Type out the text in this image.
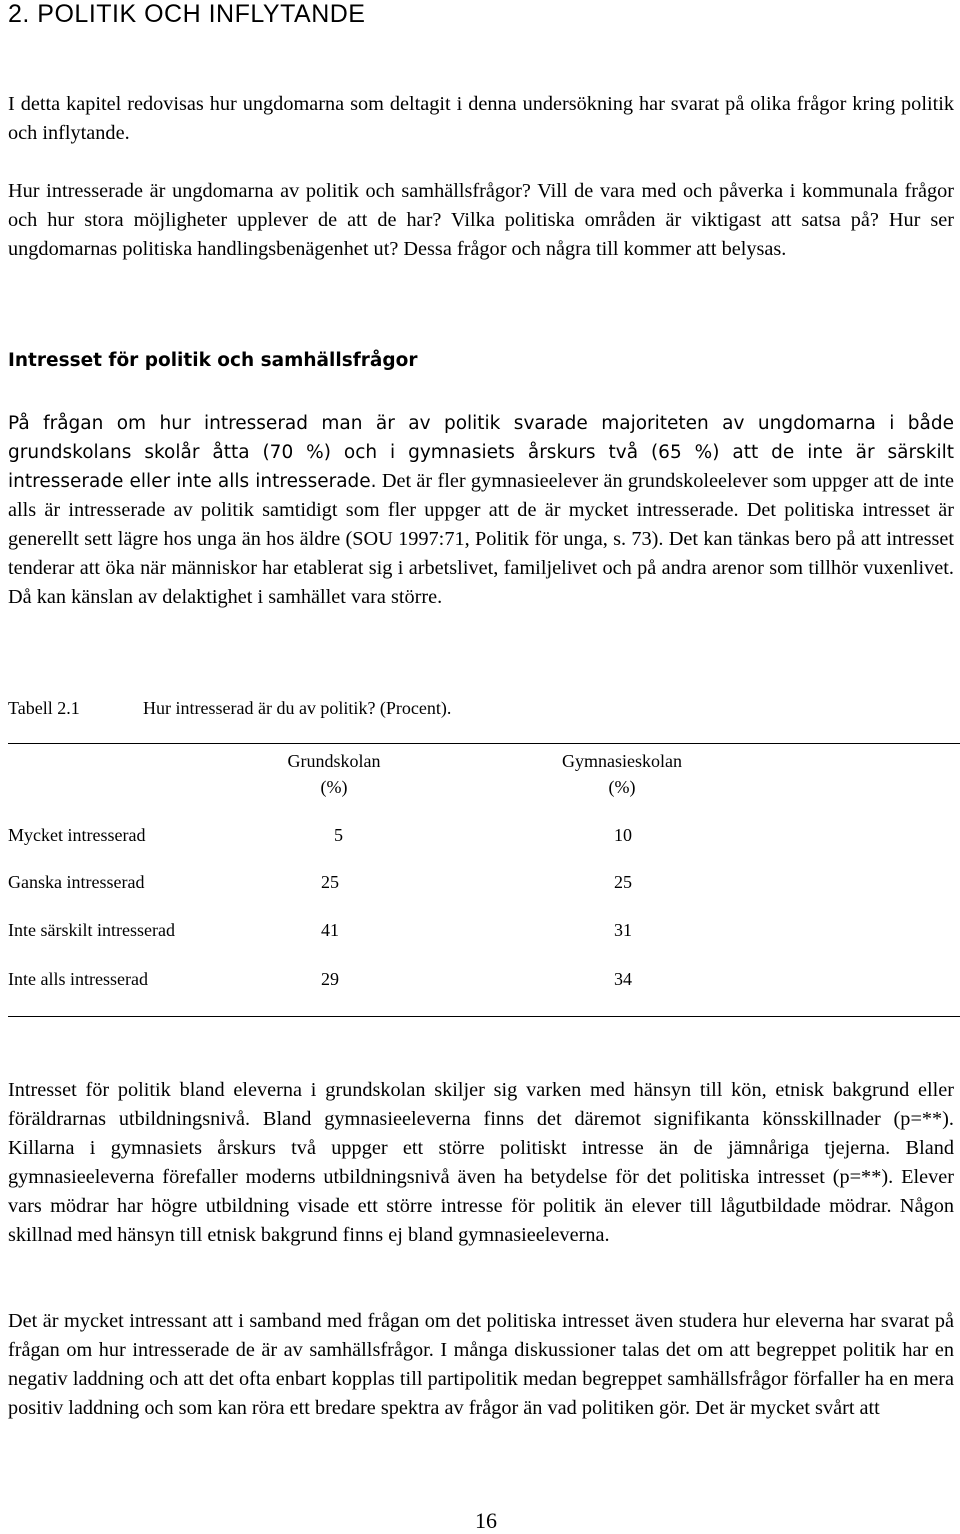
2. POLITIK OCH INFLYTANDE

I detta kapitel redovisas hur ungdomarna som deltagit i denna undersökning har svarat på olika frågor kring politik och inflytande.

Hur intresserade är ungdomarna av politik och samhällsfrågor? Vill de vara med och påverka i kommunala frågor och hur stora möjligheter upplever de att de har? Vilka politiska områden är viktigast att satsa på? Hur ser ungdomarnas politiska handlingsbenägenhet ut? Dessa frågor och några till kommer att belysas.

Intresset för politik och samhällsfrågor

På frågan om hur intresserad man är av politik svarade majoriteten av ungdomarna i både grundskolans skolår åtta (70 %) och i gymnasiets årskurs två (65 %) att de inte är särskilt intresserade eller inte alls intresserade. Det är fler gymnasieelever än grundskoleelever som uppger att de inte alls är intresserade av politik samtidigt som fler uppger att de är mycket intresserade. Det politiska intresset är generellt sett lägre hos unga än hos äldre (SOU 1997:71, Politik för unga, s. 73). Det kan tänkas bero på att intresset tenderar att öka när människor har etablerat sig i arbetslivet, familjelivet och på andra arenor som tillhör vuxenlivet. Då kan känslan av delaktighet i samhället vara större.

Tabell 2.1	Hur intresserad är du av politik? (Procent).
Grundskolan
(%)
Gymnasieskolan
(%)
Mycket intresserad	5	10
Ganska intresserad	25	25
Inte särskilt intresserad	41	31
Inte alls intresserad	29	34

Intresset för politik bland eleverna i grundskolan skiljer sig varken med hänsyn till kön, etnisk bakgrund eller föräldrarnas utbildningsnivå. Bland gymnasieeleverna finns det däremot signifikanta könsskillnader (p=**). Killarna i gymnasiets årskurs två uppger ett större politiskt intresse än de jämnåriga tjejerna. Bland gymnasieeleverna förefaller moderns utbildningsnivå även ha betydelse för det politiska intresset (p=**). Elever vars mödrar har högre utbildning visade ett större intresse för politik än elever till lågutbildade mödrar. Någon skillnad med hänsyn till etnisk bakgrund finns ej bland gymnasieeleverna.

Det är mycket intressant att i samband med frågan om det politiska intresset även studera hur eleverna har svarat på frågan om hur intresserade de är av samhällsfrågor. I många diskussioner talas det om att begreppet politik har en negativ laddning och att det ofta enbart kopplas till partipolitik medan begreppet samhällsfrågor förfaller ha en mera positiv laddning och som kan röra ett bredare spektra av frågor än vad politiken gör. Det är mycket svårt att

16
